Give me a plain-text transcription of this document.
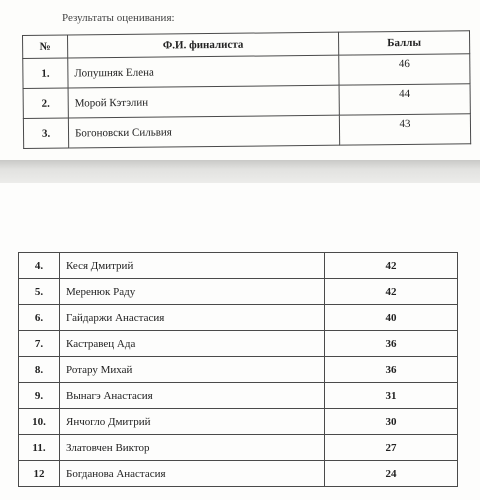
Результаты оценивания:
№	Ф.И. финалиста	Баллы
1.	Лопушняк Елена	46
2.	Морой Кэтэлин	44
3.	Богоновски Сильвия	43
4.	Кеся Дмитрий	42
5.	Меренюк Раду	42
6.	Гайдаржи Анастасия	40
7.	Кастравец Ада	36
8.	Ротару Михай	36
9.	Вынагэ Анастасия	31
10.	Янчогло Дмитрий	30
11.	Златовчен Виктор	27
12	Богданова Анастасия	24
